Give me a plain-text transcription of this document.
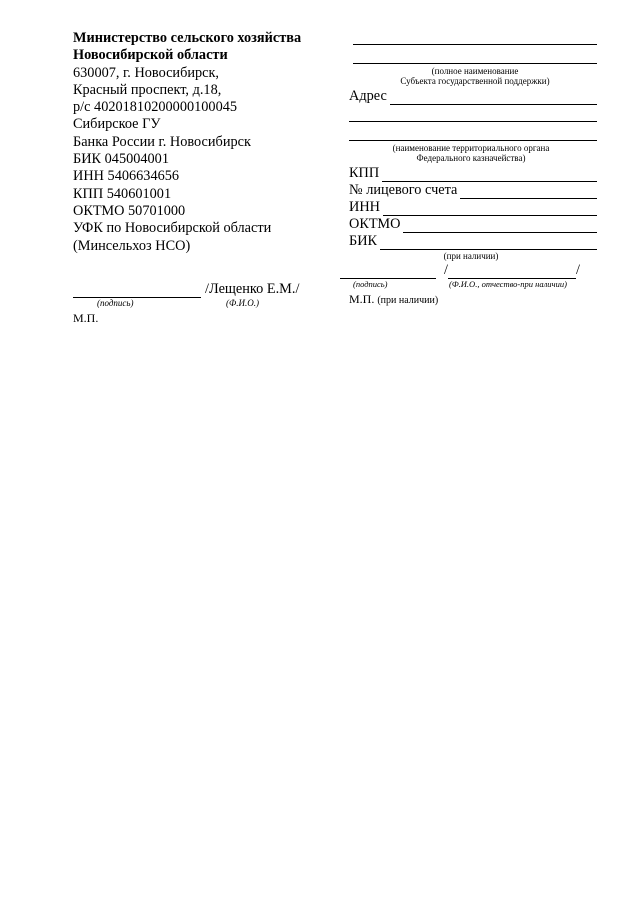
Министерство сельского хозяйства
Новосибирской области
630007, г. Новосибирск,
Красный проспект, д.18,
р/с 40201810200000100045
Сибирское ГУ
Банка России г. Новосибирск
БИК 045004001
ИНН 5406634656
КПП 540601001
ОКТМО 50701000
УФК по Новосибирской области
(Минсельхоз НСО)
/Лещенко Е.М./
(подпись)	(Ф.И.О.)
М.П.
(полное наименование
Субъекта государственной поддержки)
Адрес
(наименование территориального органа
Федерального казначейства)
КПП
№ лицевого счета
ИНН
ОКТМО
БИК
(при наличии)
/	/
(подпись)	(Ф.И.О., отчество-при наличии)
М.П. (при наличии)
